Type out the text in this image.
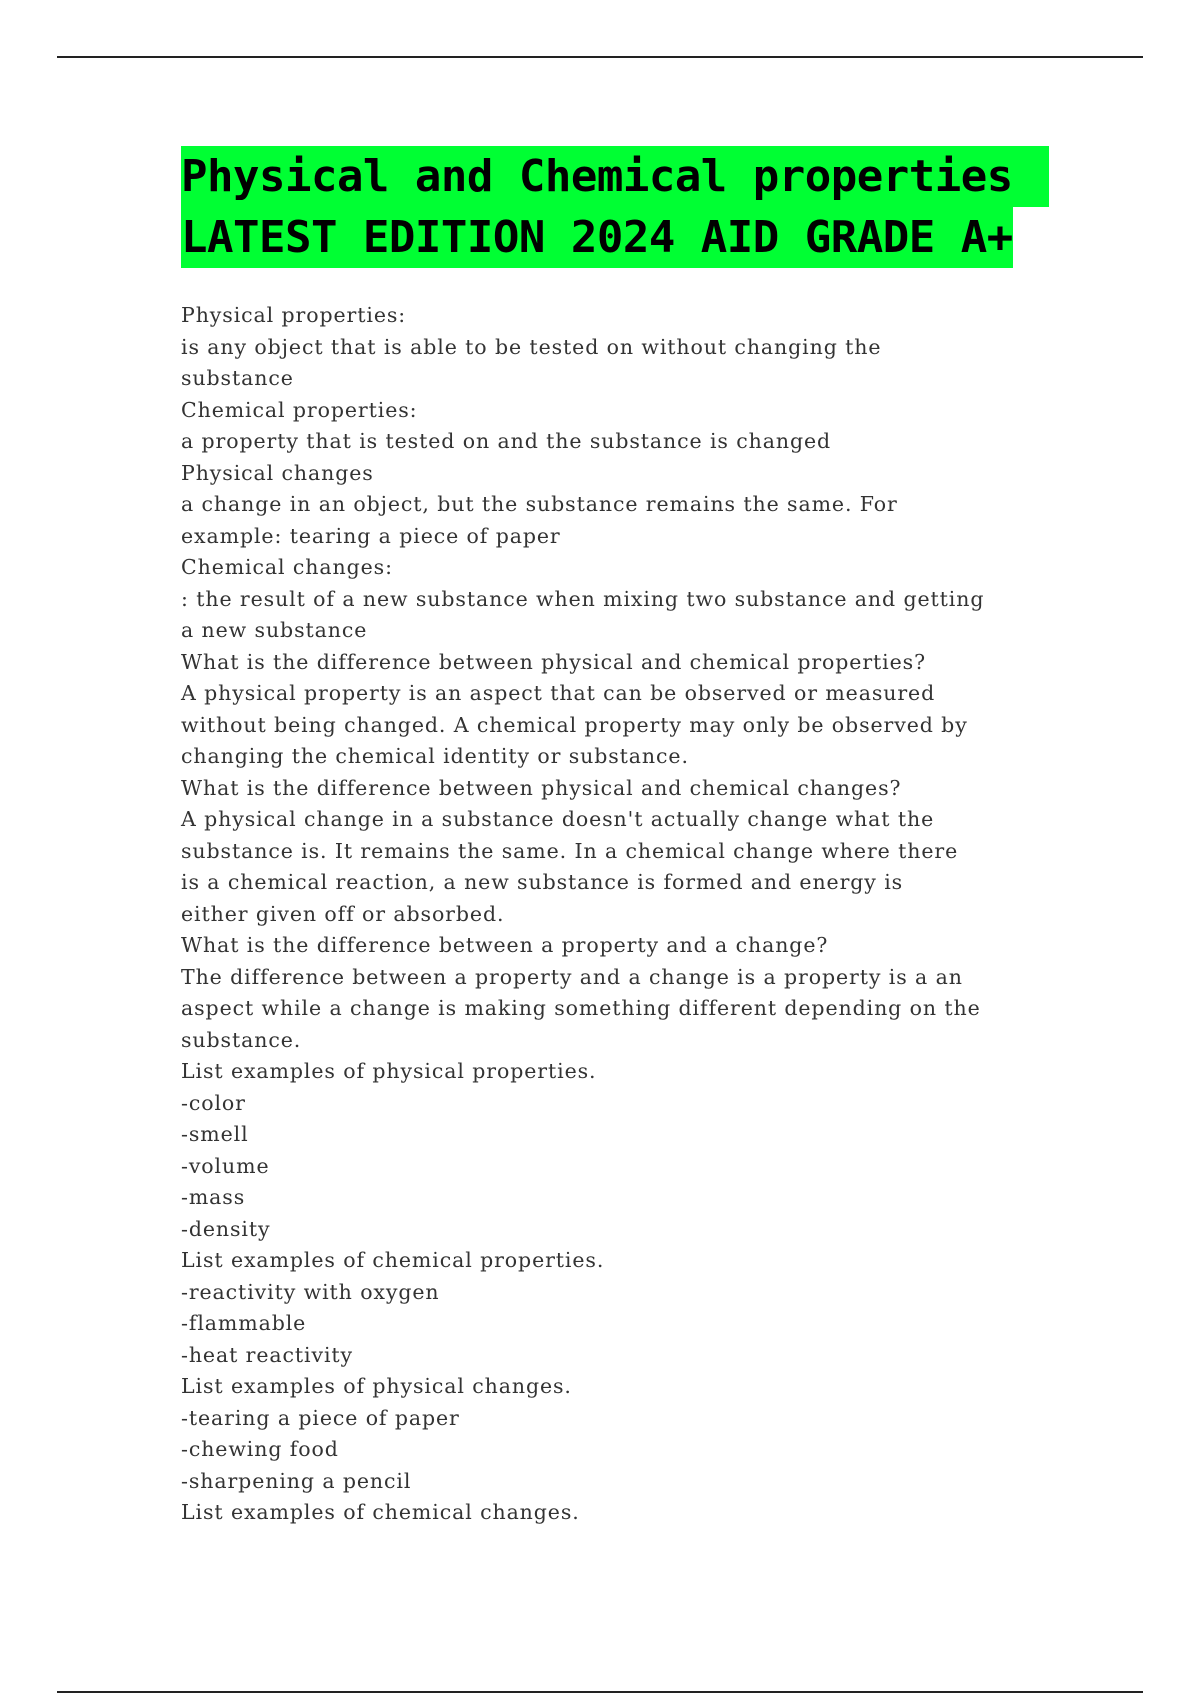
Physical and Chemical properties
LATEST EDITION 2024 AID GRADE A+
Physical properties:
is any object that is able to be tested on without changing the
substance
Chemical properties:
a property that is tested on and the substance is changed
Physical changes
a change in an object, but the substance remains the same. For
example: tearing a piece of paper
Chemical changes:
: the result of a new substance when mixing two substance and getting
a new substance
What is the difference between physical and chemical properties?
A physical property is an aspect that can be observed or measured
without being changed. A chemical property may only be observed by
changing the chemical identity or substance.
What is the difference between physical and chemical changes?
A physical change in a substance doesn't actually change what the
substance is. It remains the same. In a chemical change where there
is a chemical reaction, a new substance is formed and energy is
either given off or absorbed.
What is the difference between a property and a change?
The difference between a property and a change is a property is a an
aspect while a change is making something different depending on the
substance.
List examples of physical properties.
-color
-smell
-volume
-mass
-density
List examples of chemical properties.
-reactivity with oxygen
-flammable
-heat reactivity
List examples of physical changes.
-tearing a piece of paper
-chewing food
-sharpening a pencil
List examples of chemical changes.
